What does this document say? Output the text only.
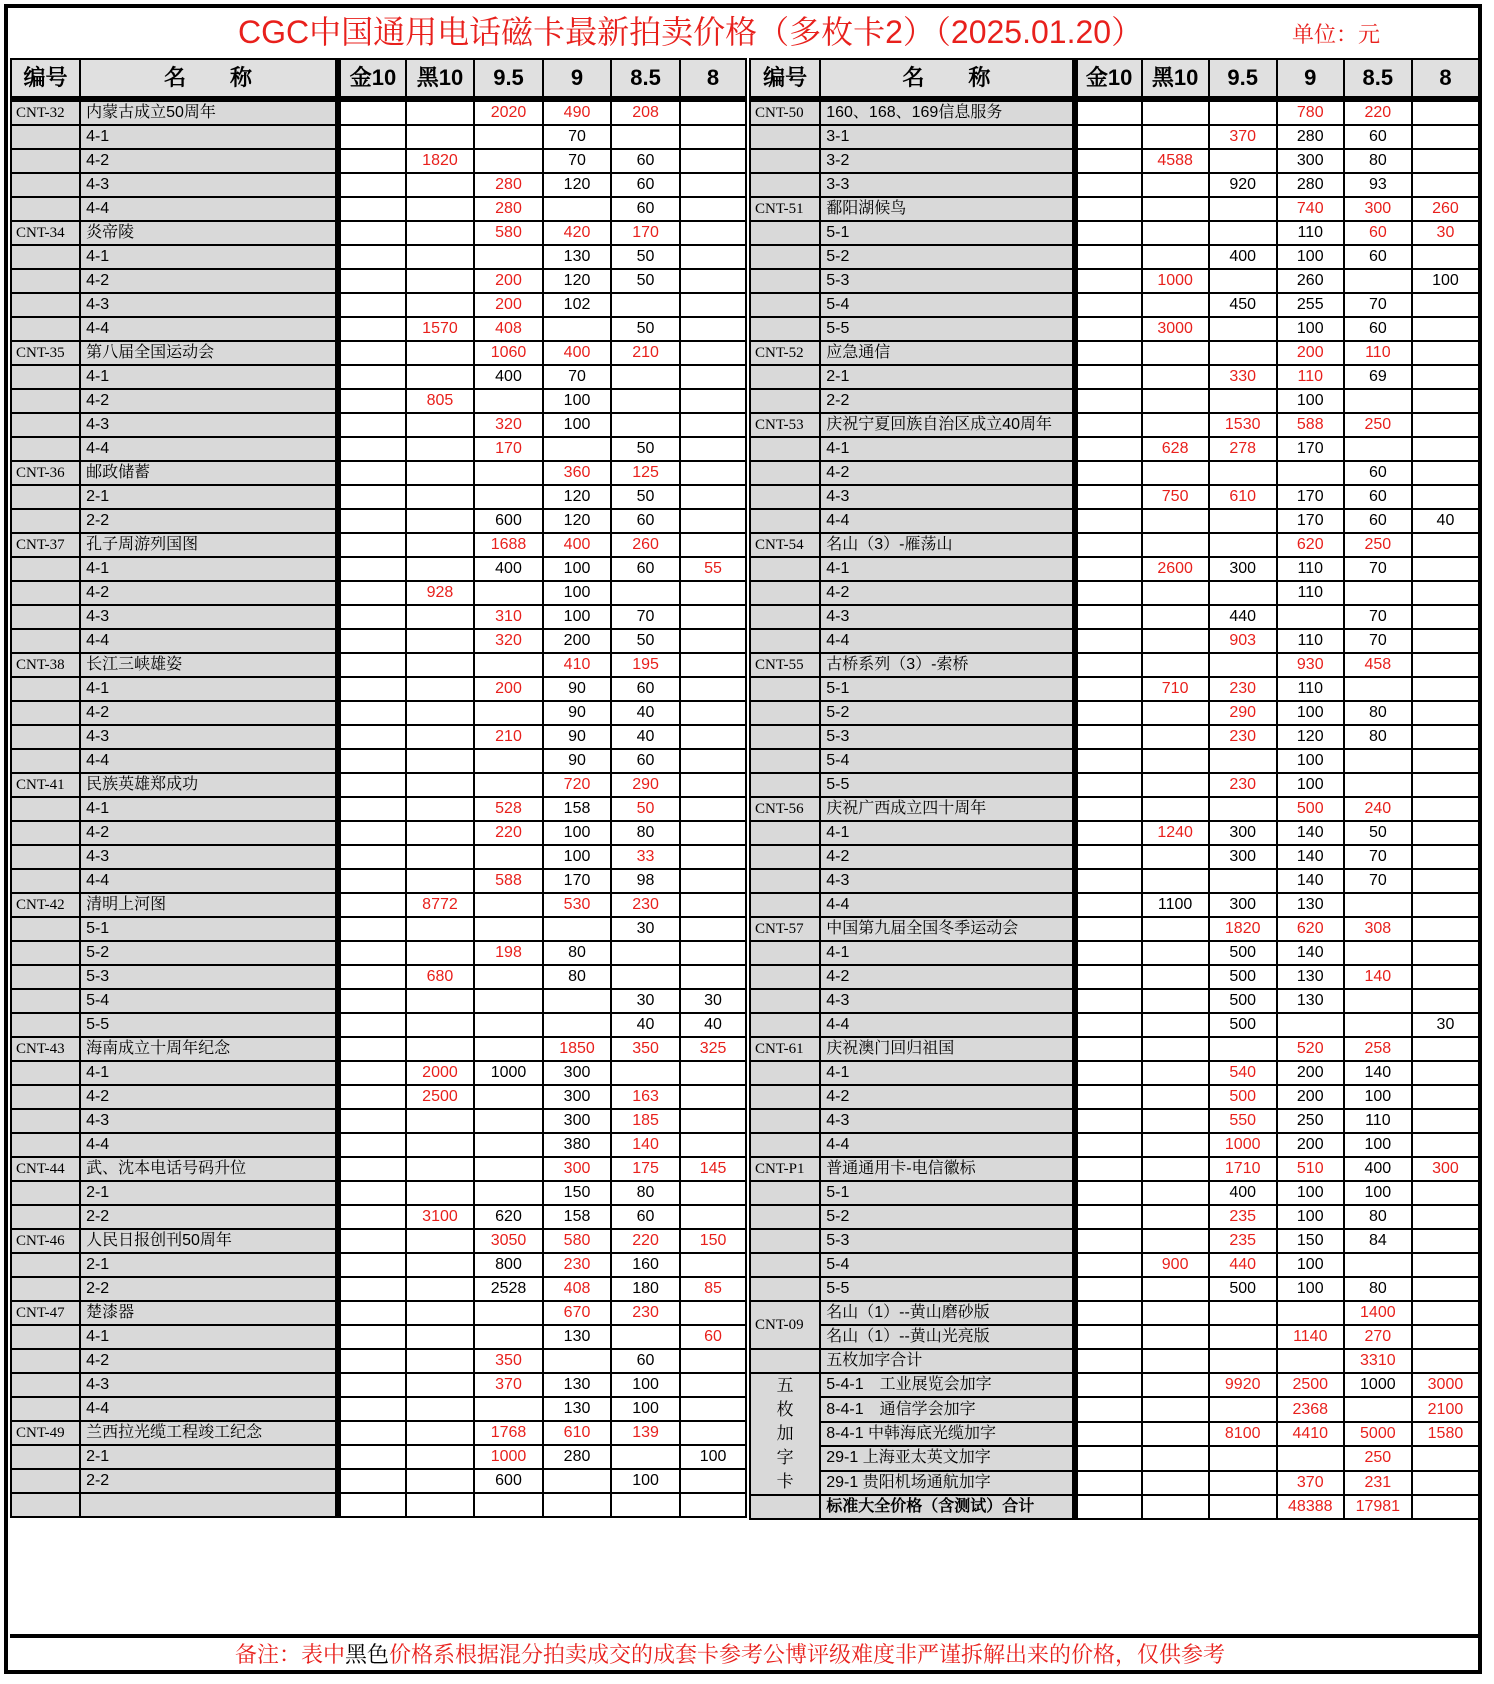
CGC中国通用电话磁卡最新拍卖价格（多枚卡2）（2025.01.20）	单位：元
编号	名　　称	金10	黑10	9.5	9	8.5	8
CNT-32	内蒙古成立50周年			2020	490	208	
	4-1				70		
	4-2		1820		70	60	
	4-3			280	120	60	
	4-4			280		60	
CNT-34	炎帝陵			580	420	170	
	4-1				130	50	
	4-2			200	120	50	
	4-3			200	102		
	4-4		1570	408		50	
CNT-35	第八届全国运动会			1060	400	210	
	4-1			400	70		
	4-2		805		100		
	4-3			320	100		
	4-4			170		50	
CNT-36	邮政储蓄				360	125	
	2-1				120	50	
	2-2			600	120	60	
CNT-37	孔子周游列国图			1688	400	260	
	4-1			400	100	60	55
	4-2		928		100		
	4-3			310	100	70	
	4-4			320	200	50	
CNT-38	长江三峡雄姿				410	195	
	4-1			200	90	60	
	4-2				90	40	
	4-3			210	90	40	
	4-4				90	60	
CNT-41	民族英雄郑成功				720	290	
	4-1			528	158	50	
	4-2			220	100	80	
	4-3				100	33	
	4-4			588	170	98	
CNT-42	清明上河图		8772		530	230	
	5-1					30	
	5-2			198	80		
	5-3		680		80		
	5-4					30	30
	5-5					40	40
CNT-43	海南成立十周年纪念				1850	350	325
	4-1		2000	1000	300		
	4-2		2500		300	163	
	4-3				300	185	
	4-4				380	140	
CNT-44	武、沈本电话号码升位				300	175	145
	2-1				150	80	
	2-2		3100	620	158	60	
CNT-46	人民日报创刊50周年			3050	580	220	150
	2-1			800	230	160	
	2-2			2528	408	180	85
CNT-47	楚漆器				670	230	
	4-1				130		60
	4-2			350		60	
	4-3			370	130	100	
	4-4				130	100	
CNT-49	兰西拉光缆工程竣工纪念			1768	610	139	
	2-1			1000	280		100
	2-2			600		100	

编号	名　　称	金10	黑10	9.5	9	8.5	8
CNT-50	160、168、169信息服务				780	220	
	3-1			370	280	60	
	3-2		4588		300	80	
	3-3			920	280	93	
CNT-51	鄱阳湖候鸟				740	300	260
	5-1				110	60	30
	5-2			400	100	60	
	5-3		1000		260		100
	5-4			450	255	70	
	5-5		3000		100	60	
CNT-52	应急通信				200	110	
	2-1			330	110	69	
	2-2				100		
CNT-53	庆祝宁夏回族自治区成立40周年			1530	588	250	
	4-1		628	278	170		
	4-2					60	
	4-3		750	610	170	60	
	4-4				170	60	40
CNT-54	名山（3）-雁荡山				620	250	
	4-1		2600	300	110	70	
	4-2				110		
	4-3			440		70	
	4-4			903	110	70	
CNT-55	古桥系列（3）-索桥				930	458	
	5-1		710	230	110		
	5-2			290	100	80	
	5-3			230	120	80	
	5-4				100		
	5-5			230	100		
CNT-56	庆祝广西成立四十周年				500	240	
	4-1		1240	300	140	50	
	4-2			300	140	70	
	4-3				140	70	
	4-4		1100	300	130		
CNT-57	中国第九届全国冬季运动会			1820	620	308	
	4-1			500	140		
	4-2			500	130	140	
	4-3			500	130		
	4-4			500			30
CNT-61	庆祝澳门回归祖国				520	258	
	4-1			540	200	140	
	4-2			500	200	100	
	4-3			550	250	110	
	4-4			1000	200	100	
CNT-P1	普通通用卡-电信徽标			1710	510	400	300
	5-1			400	100	100	
	5-2			235	100	80	
	5-3			235	150	84	
	5-4		900	440	100		
	5-5			500	100	80	
CNT-09	名山（1）--黄山磨砂版					1400	
	名山（1）--黄山光亮版				1140	270	
	五枚加字合计					3310	

五
枚
加
字
卡	5-4-1　工业展览会加字			9920	2500	1000	3000
	8-4-1　通信学会加字				2368		2100
	8-4-1 中韩海底光缆加字			8100	4410	5000	1580
	29-1 上海亚太英文加字					250	
	29-1 贵阳机场通航加字				370	231	
	标准大全价格（含测试）合计				48388	17981	
备注：表中黑色价格系根据混分拍卖成交的成套卡参考公博评级难度非严谨拆解出来的价格，仅供参考
